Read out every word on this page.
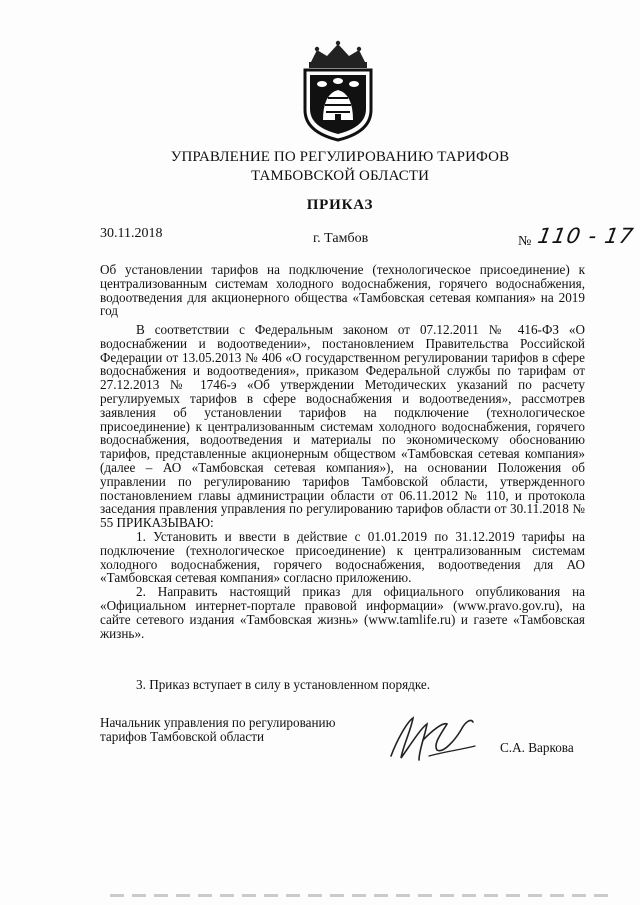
УПРАВЛЕНИЕ ПО РЕГУЛИРОВАНИЮ ТАРИФОВ
ТАМБОВСКОЙ ОБЛАСТИ
ПРИКАЗ
30.11.2018	г. Тамбов	№ 110 - 17
Об установлении тарифов на подключение (технологическое присоединение) к централизованным системам холодного водоснабжения, горячего водоснабжения, водоотведения для акционерного общества «Тамбовская сетевая компания» на 2019 год

В соответствии с Федеральным законом от 07.12.2011 № 416-ФЗ «О водоснабжении и водоотведении», постановлением Правительства Российской Федерации от 13.05.2013 № 406 «О государственном регулировании тарифов в сфере водоснабжения и водоотведения», приказом Федеральной службы по тарифам от 27.12.2013 № 1746-э «Об утверждении Методических указаний по расчету регулируемых тарифов в сфере водоснабжения и водоотведения», рассмотрев заявления об установлении тарифов на подключение (технологическое присоединение) к централизованным системам холодного водоснабжения, горячего водоснабжения, водоотведения и материалы по экономическому обоснованию тарифов, представленные акционерным обществом «Тамбовская сетевая компания» (далее – АО «Тамбовская сетевая компания»), на основании Положения об управлении по регулированию тарифов Тамбовской области, утвержденного постановлением главы администрации области от 06.11.2012 № 110, и протокола заседания правления управления по регулированию тарифов области от 30.11.2018 № 55 ПРИКАЗЫВАЮ:

1. Установить и ввести в действие с 01.01.2019 по 31.12.2019 тарифы на подключение (технологическое присоединение) к централизованным системам холодного водоснабжения, горячего водоснабжения, водоотведения для АО «Тамбовская сетевая компания» согласно приложению.

2. Направить настоящий приказ для официального опубликования на «Официальном интернет-портале правовой информации» (www.pravo.gov.ru), на сайте сетевого издания «Тамбовская жизнь» (www.tamlife.ru) и газете «Тамбовская жизнь».

3. Приказ вступает в силу в установленном порядке.
Начальник управления по регулированию
тарифов Тамбовской области
С.А. Варкова
